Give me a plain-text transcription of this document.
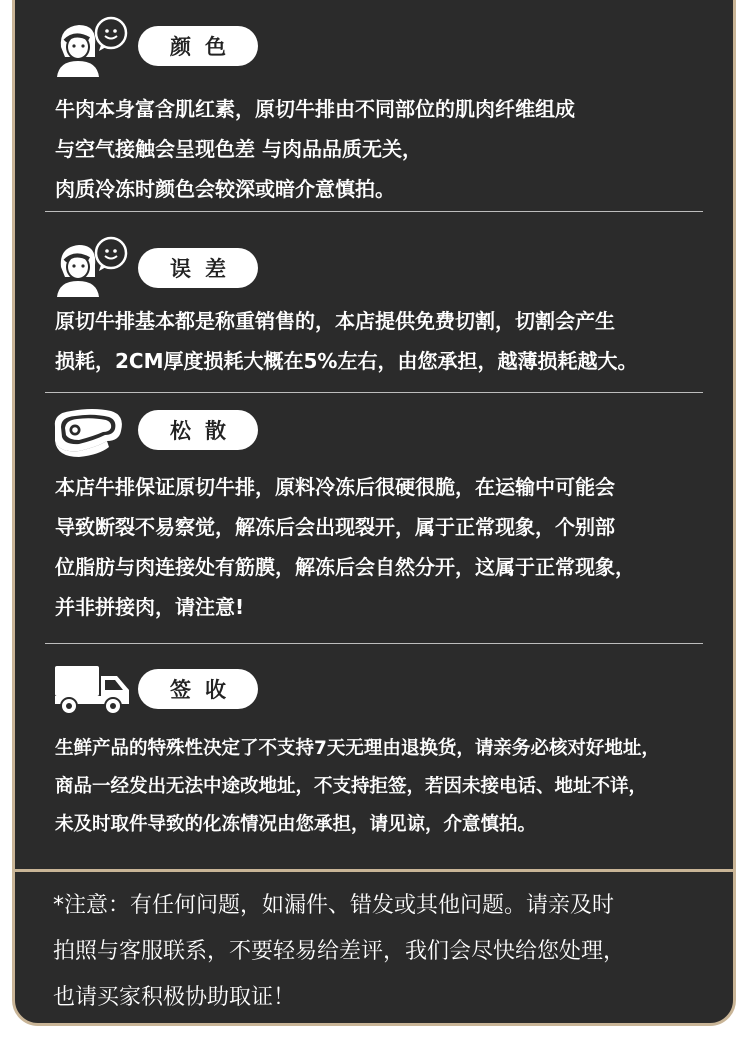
颜色
牛肉本身富含肌红素，原切牛排由不同部位的肌肉纤维组成
与空气接触会呈现色差 与肉品品质无关，
肉质冷冻时颜色会较深或暗介意慎拍。
误差
原切牛排基本都是称重销售的，本店提供免费切割，切割会产生
损耗，2CM厚度损耗大概在5%左右，由您承担，越薄损耗越大。
松散
本店牛排保证原切牛排，原料冷冻后很硬很脆，在运输中可能会
导致断裂不易察觉，解冻后会出现裂开，属于正常现象，个别部
位脂肪与肉连接处有筋膜，解冻后会自然分开，这属于正常现象，
并非拼接肉，请注意!
签收
生鲜产品的特殊性决定了不支持7天无理由退换货，请亲务必核对好地址，
商品一经发出无法中途改地址，不支持拒签，若因未接电话、地址不详，
未及时取件导致的化冻情况由您承担，请见谅，介意慎拍。
*注意：有任何问题，如漏件、错发或其他问题。请亲及时
拍照与客服联系，不要轻易给差评，我们会尽快给您处理，
也请买家积极协助取证！
